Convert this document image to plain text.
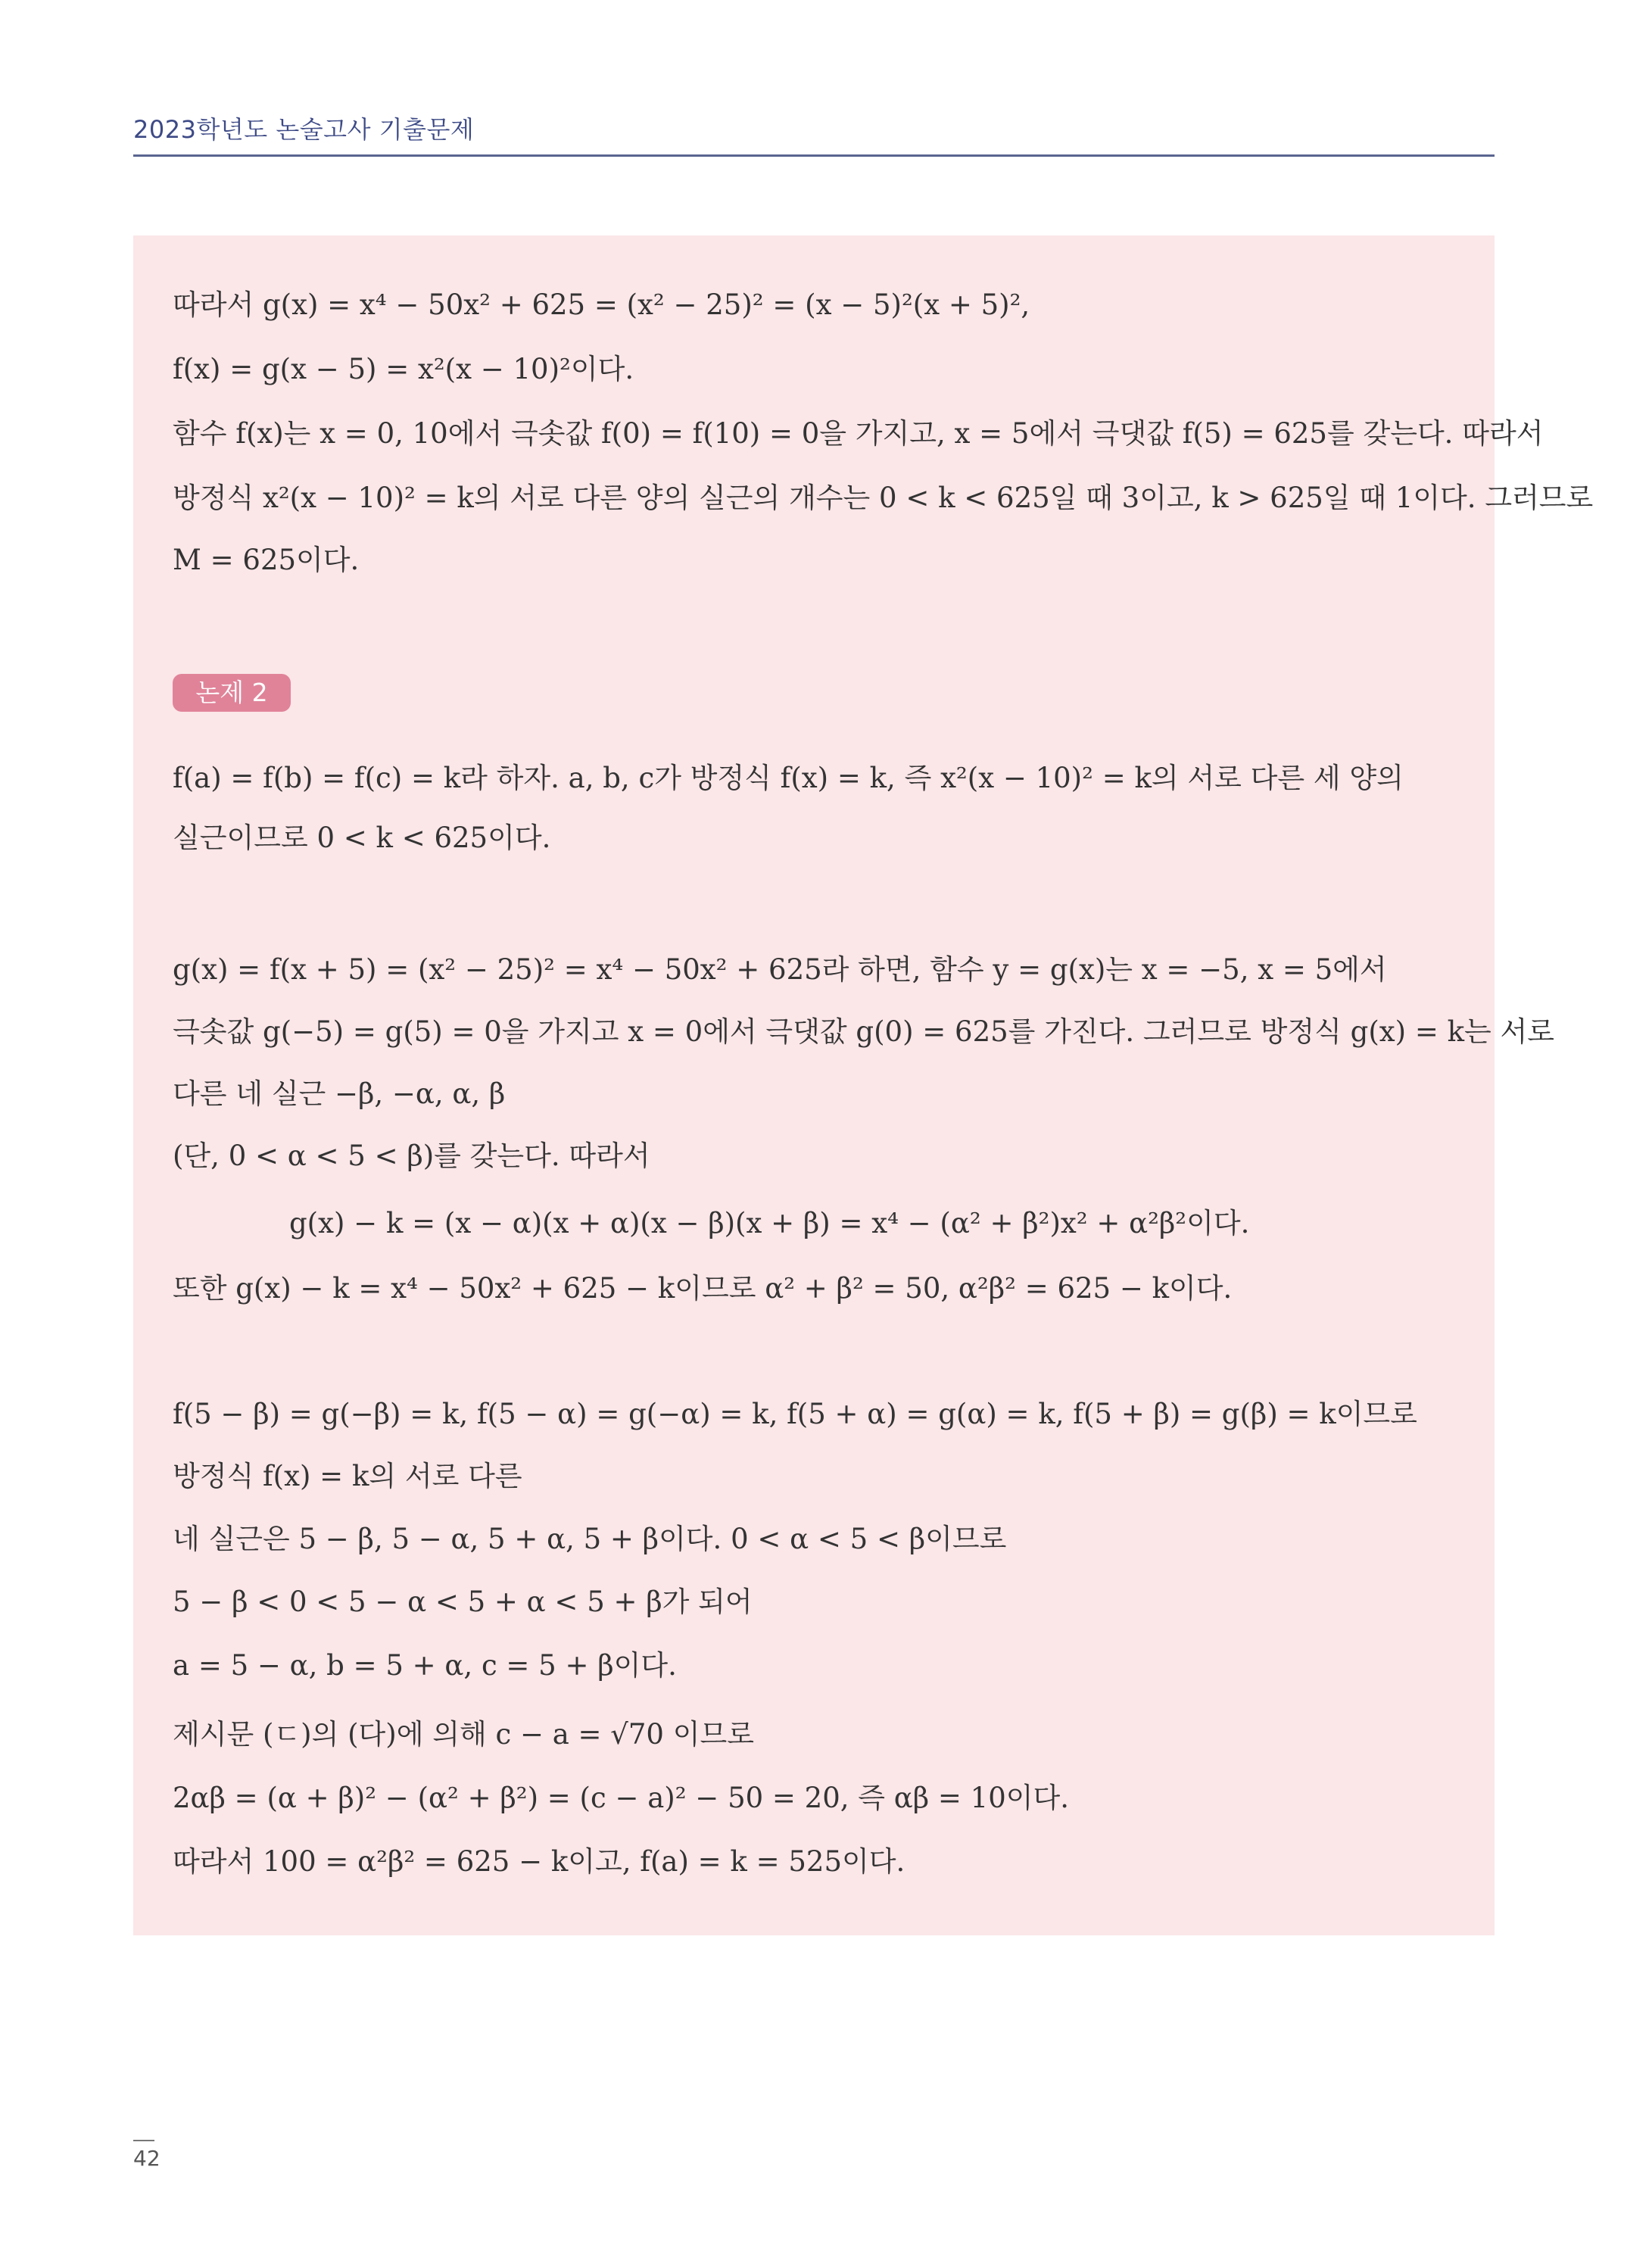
2023학년도 논술고사 기출문제
따라서 g(x) = x⁴ − 50x² + 625 = (x² − 25)² = (x − 5)²(x + 5)²,
f(x) = g(x − 5) = x²(x − 10)²이다.
함수 f(x)는 x = 0, 10에서 극솟값 f(0) = f(10) = 0을 가지고, x = 5에서 극댓값 f(5) = 625를 갖는다. 따라서
방정식 x²(x − 10)² = k의 서로 다른 양의 실근의 개수는 0 < k < 625일 때 3이고, k > 625일 때 1이다. 그러므로
M = 625이다.
논제 2
f(a) = f(b) = f(c) = k라 하자. a, b, c가 방정식 f(x) = k, 즉 x²(x − 10)² = k의 서로 다른 세 양의
실근이므로 0 < k < 625이다.
g(x) = f(x + 5) = (x² − 25)² = x⁴ − 50x² + 625라 하면, 함수 y = g(x)는 x = −5, x = 5에서
극솟값 g(−5) = g(5) = 0을 가지고 x = 0에서 극댓값 g(0) = 625를 가진다. 그러므로 방정식 g(x) = k는 서로
다른 네 실근 −β, −α, α, β
(단, 0 < α < 5 < β)를 갖는다. 따라서
g(x) − k = (x − α)(x + α)(x − β)(x + β) = x⁴ − (α² + β²)x² + α²β²이다.
또한 g(x) − k = x⁴ − 50x² + 625 − k이므로 α² + β² = 50, α²β² = 625 − k이다.
f(5 − β) = g(−β) = k, f(5 − α) = g(−α) = k, f(5 + α) = g(α) = k, f(5 + β) = g(β) = k이므로
방정식 f(x) = k의 서로 다른
네 실근은 5 − β, 5 − α, 5 + α, 5 + β이다. 0 < α < 5 < β이므로
5 − β < 0 < 5 − α < 5 + α < 5 + β가 되어
a = 5 − α, b = 5 + α, c = 5 + β이다.
제시문 (ㄷ)의 (다)에 의해 c − a = √70 이므로
2αβ = (α + β)² − (α² + β²) = (c − a)² − 50 = 20, 즉 αβ = 10이다.
따라서 100 = α²β² = 625 − k이고, f(a) = k = 525이다.
42
